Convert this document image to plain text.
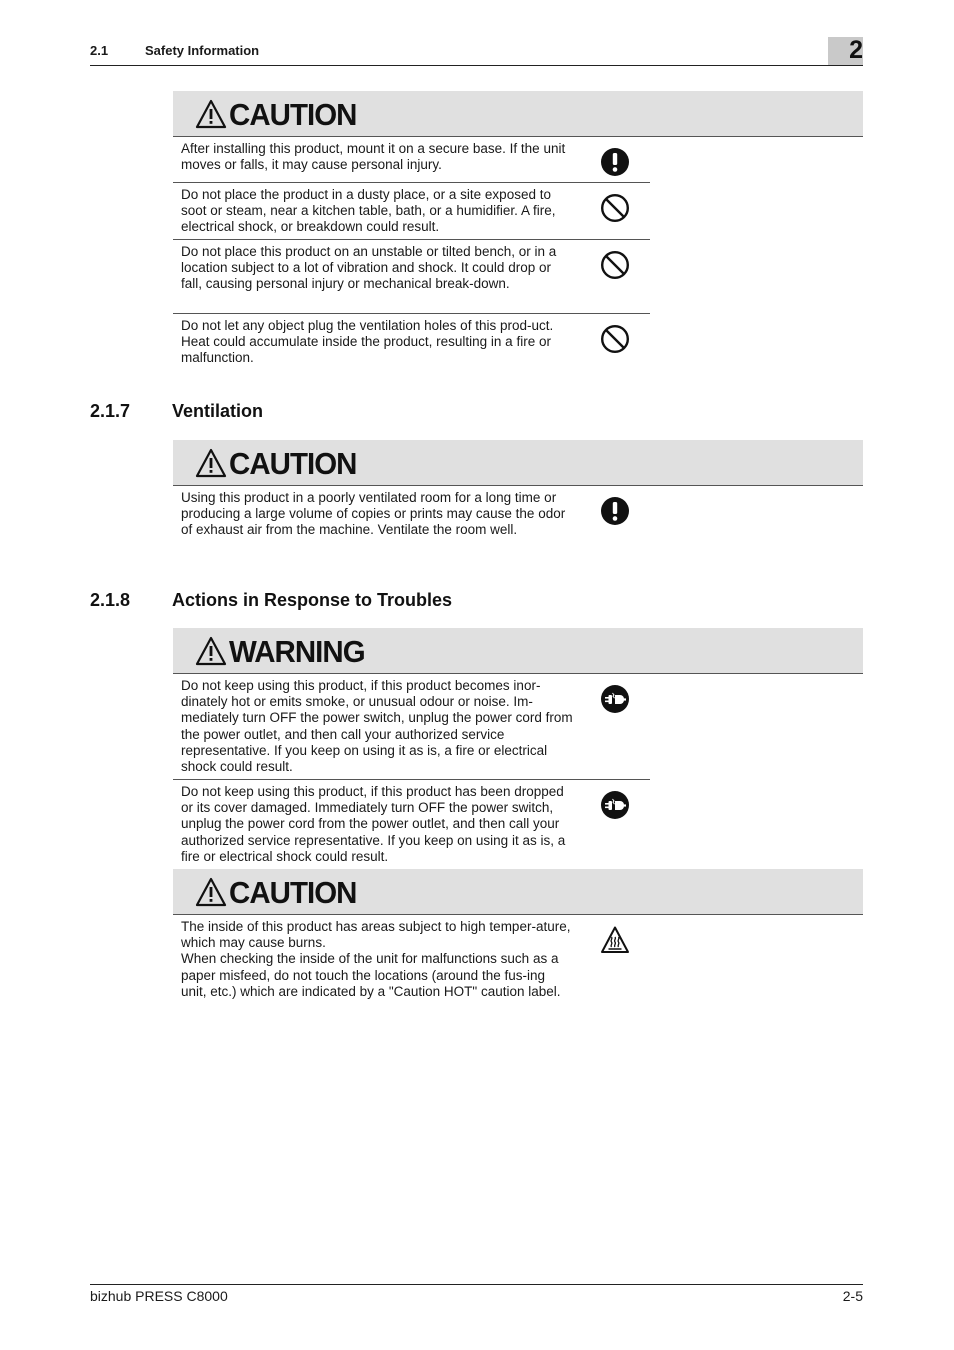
2.1	Safety Information	2
CAUTION
After installing this product, mount it on a secure base. If the unit moves or falls, it may cause personal injury.
Do not place the product in a dusty place, or a site exposed to soot or steam, near a kitchen table, bath, or a humidifier. A fire, electrical shock, or breakdown could result.
Do not place this product on an unstable or tilted bench, or in a location subject to a lot of vibration and shock. It could drop or fall, causing personal injury or mechanical break-down.
Do not let any object plug the ventilation holes of this prod-uct. Heat could accumulate inside the product, resulting in a fire or malfunction.
2.1.7 Ventilation
CAUTION
Using this product in a poorly ventilated room for a long time or producing a large volume of copies or prints may cause the odor of exhaust air from the machine. Ventilate the room well.
2.1.8 Actions in Response to Troubles
WARNING
Do not keep using this product, if this product becomes inor-dinately hot or emits smoke, or unusual odour or noise. Im-mediately turn OFF the power switch, unplug the power cord from the power outlet, and then call your authorized service representative. If you keep on using it as is, a fire or electrical shock could result.
Do not keep using this product, if this product has been dropped or its cover damaged. Immediately turn OFF the power switch, unplug the power cord from the power outlet, and then call your authorized service representative. If you keep on using it as is, a fire or electrical shock could result.
CAUTION
The inside of this product has areas subject to high temper-ature, which may cause burns.
When checking the inside of the unit for malfunctions such as a paper misfeed, do not touch the locations (around the fus-ing unit, etc.) which are indicated by a "Caution HOT" caution label.
bizhub PRESS C8000	2-5
